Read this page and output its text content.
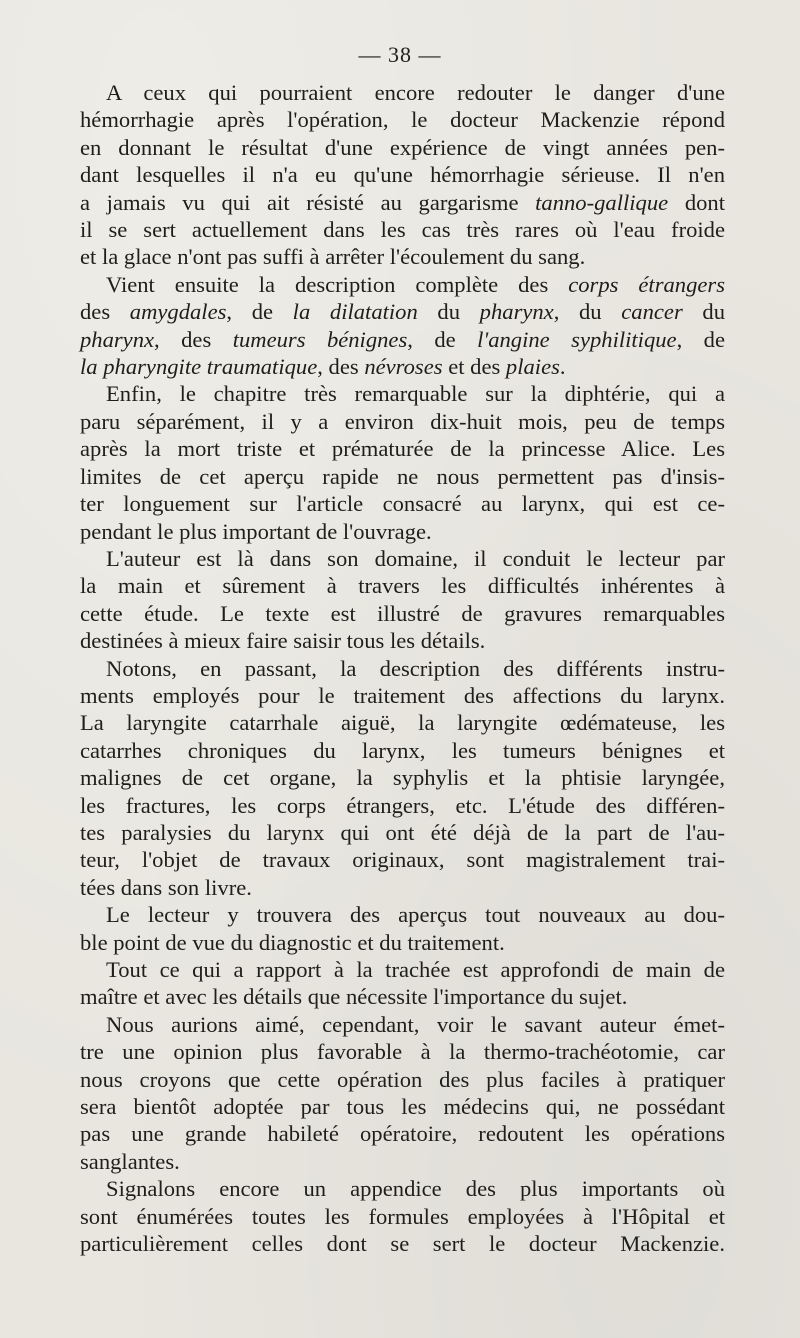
— 38 —
A ceux qui pourraient encore redouter le danger d'une
hémorrhagie après l'opération, le docteur Mackenzie répond
en donnant le résultat d'une expérience de vingt années pen-
dant lesquelles il n'a eu qu'une hémorrhagie sérieuse. Il n'en
a jamais vu qui ait résisté au gargarisme tanno-gallique dont
il se sert actuellement dans les cas très rares où l'eau froide
et la glace n'ont pas suffi à arrêter l'écoulement du sang.
Vient ensuite la description complète des corps étrangers
des amygdales, de la dilatation du pharynx, du cancer du
pharynx, des tumeurs bénignes, de l'angine syphilitique, de
la pharyngite traumatique, des névroses et des plaies.
Enfin, le chapitre très remarquable sur la diphtérie, qui a
paru séparément, il y a environ dix-huit mois, peu de temps
après la mort triste et prématurée de la princesse Alice. Les
limites de cet aperçu rapide ne nous permettent pas d'insis-
ter longuement sur l'article consacré au larynx, qui est ce-
pendant le plus important de l'ouvrage.
L'auteur est là dans son domaine, il conduit le lecteur par
la main et sûrement à travers les difficultés inhérentes à
cette étude. Le texte est illustré de gravures remarquables
destinées à mieux faire saisir tous les détails.
Notons, en passant, la description des différents instru-
ments employés pour le traitement des affections du larynx.
La laryngite catarrhale aiguë, la laryngite œdémateuse, les
catarrhes chroniques du larynx, les tumeurs bénignes et
malignes de cet organe, la syphylis et la phtisie laryngée,
les fractures, les corps étrangers, etc. L'étude des différen-
tes paralysies du larynx qui ont été déjà de la part de l'au-
teur, l'objet de travaux originaux, sont magistralement trai-
tées dans son livre.
Le lecteur y trouvera des aperçus tout nouveaux au dou-
ble point de vue du diagnostic et du traitement.
Tout ce qui a rapport à la trachée est approfondi de main de
maître et avec les détails que nécessite l'importance du sujet.
Nous aurions aimé, cependant, voir le savant auteur émet-
tre une opinion plus favorable à la thermo-trachéotomie, car
nous croyons que cette opération des plus faciles à pratiquer
sera bientôt adoptée par tous les médecins qui, ne possédant
pas une grande habileté opératoire, redoutent les opérations
sanglantes.
Signalons encore un appendice des plus importants où
sont énumérées toutes les formules employées à l'Hôpital et
particulièrement celles dont se sert le docteur Mackenzie.
